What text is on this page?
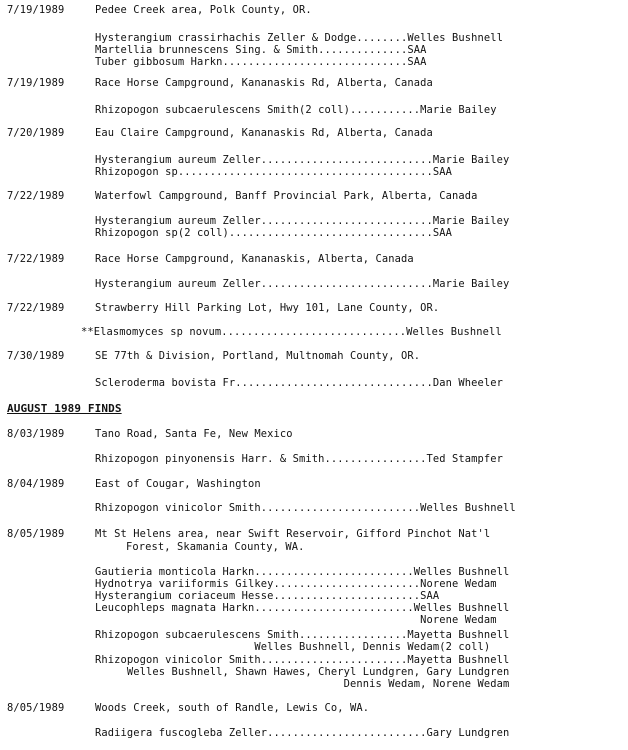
7/19/1989	Pedee Creek area, Polk County, OR.
Hysterangium crassirhachis Zeller & Dodge........Welles Bushnell
Martellia brunnescens Sing. & Smith..............SAA
Tuber gibbosum Harkn.............................SAA
7/19/1989	Race Horse Campground, Kananaskis Rd, Alberta, Canada
Rhizopogon subcaerulescens Smith(2 coll)...........Marie Bailey
7/20/1989	Eau Claire Campground, Kananaskis Rd, Alberta, Canada
Hysterangium aureum Zeller...........................Marie Bailey
Rhizopogon sp........................................SAA
7/22/1989	Waterfowl Campground, Banff Provincial Park, Alberta, Canada
Hysterangium aureum Zeller...........................Marie Bailey
Rhizopogon sp(2 coll)................................SAA
7/22/1989	Race Horse Campground, Kananaskis, Alberta, Canada
Hysterangium aureum Zeller...........................Marie Bailey
7/22/1989	Strawberry Hill Parking Lot, Hwy 101, Lane County, OR.
**Elasmomyces sp novum.............................Welles Bushnell
7/30/1989	SE 77th & Division, Portland, Multnomah County, OR.
Scleroderma bovista Fr...............................Dan Wheeler
AUGUST 1989 FINDS
8/03/1989	Tano Road, Santa Fe, New Mexico
Rhizopogon pinyonensis Harr. & Smith................Ted Stampfer
8/04/1989	East of Cougar, Washington
Rhizopogon vinicolor Smith.........................Welles Bushnell
8/05/1989	Mt St Helens area, near Swift Reservoir, Gifford Pinchot Nat'l
Forest, Skamania County, WA.
Gautieria monticola Harkn.........................Welles Bushnell
Hydnotrya variiformis Gilkey.......................Norene Wedam
Hysterangium coriaceum Hesse.......................SAA
Leucophleps magnata Harkn.........................Welles Bushnell
Norene Wedam
Rhizopogon subcaerulescens Smith.................Mayetta Bushnell
Welles Bushnell, Dennis Wedam(2 coll)
Rhizopogon vinicolor Smith.......................Mayetta Bushnell
Welles Bushnell, Shawn Hawes, Cheryl Lundgren, Gary Lundgren
Dennis Wedam, Norene Wedam
8/05/1989	Woods Creek, south of Randle, Lewis Co, WA.
Radiigera fuscogleba Zeller.........................Gary Lundgren
